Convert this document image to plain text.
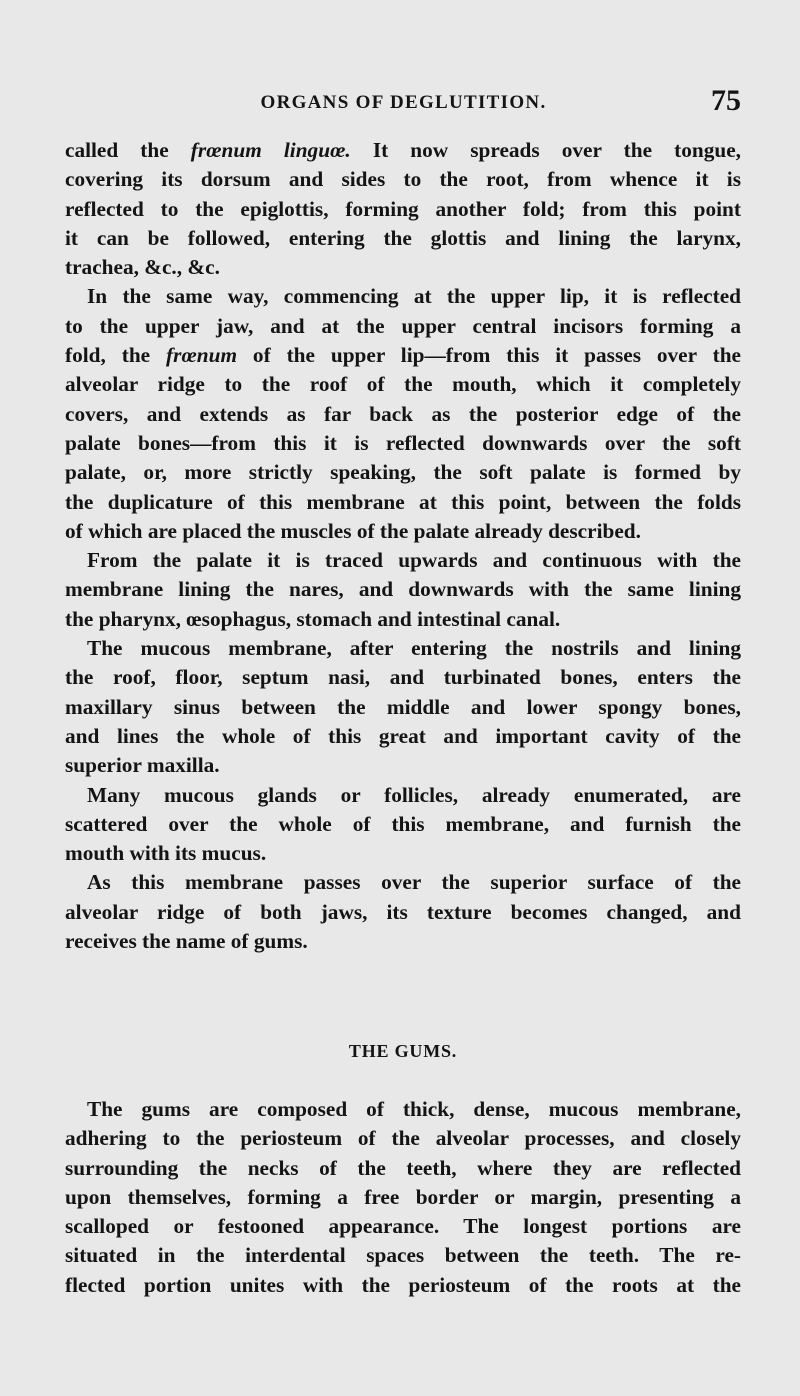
ORGANS OF DEGLUTITION.	75
called the frœnum linguœ. It now spreads over the tongue,
covering its dorsum and sides to the root, from whence it is
reflected to the epiglottis, forming another fold; from this point
it can be followed, entering the glottis and lining the larynx,
trachea, &c., &c.
In the same way, commencing at the upper lip, it is reflected
to the upper jaw, and at the upper central incisors forming a
fold, the frœnum of the upper lip—from this it passes over the
alveolar ridge to the roof of the mouth, which it completely
covers, and extends as far back as the posterior edge of the
palate bones—from this it is reflected downwards over the soft
palate, or, more strictly speaking, the soft palate is formed by
the duplicature of this membrane at this point, between the folds
of which are placed the muscles of the palate already described.
From the palate it is traced upwards and continuous with the
membrane lining the nares, and downwards with the same lining
the pharynx, œsophagus, stomach and intestinal canal.
The mucous membrane, after entering the nostrils and lining
the roof, floor, septum nasi, and turbinated bones, enters the
maxillary sinus between the middle and lower spongy bones,
and lines the whole of this great and important cavity of the
superior maxilla.
Many mucous glands or follicles, already enumerated, are
scattered over the whole of this membrane, and furnish the
mouth with its mucus.
As this membrane passes over the superior surface of the
alveolar ridge of both jaws, its texture becomes changed, and
receives the name of gums.
THE GUMS.
The gums are composed of thick, dense, mucous membrane,
adhering to the periosteum of the alveolar processes, and closely
surrounding the necks of the teeth, where they are reflected
upon themselves, forming a free border or margin, presenting a
scalloped or festooned appearance. The longest portions are
situated in the interdental spaces between the teeth. The re-
flected portion unites with the periosteum of the roots at the
